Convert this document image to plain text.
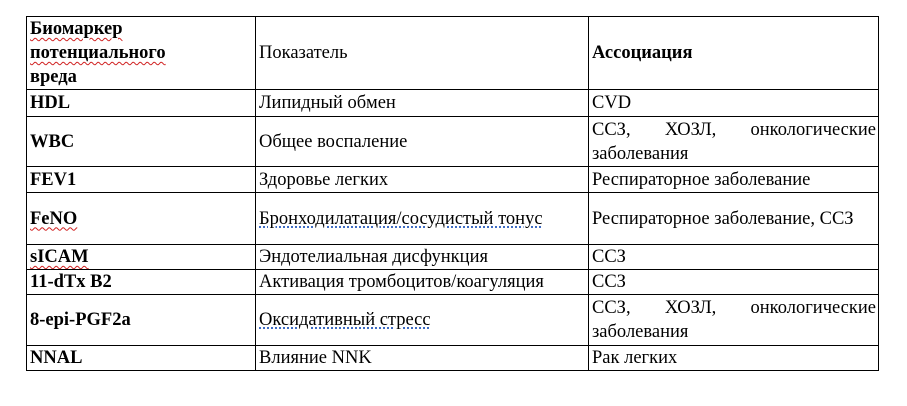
Биомаркер
потенциального
вреда	Показатель	Ассоциация
HDL	Липидный обмен	CVD
WBC	Общее воспаление	ССЗ, ХОЗЛ, онкологические заболевания
FEV1	Здоровье легких	Респираторное заболевание
FeNO	Бронходилатация/сосудистый тонус	Респираторное заболевание, ССЗ
sICAM	Эндотелиальная дисфункция	ССЗ
11-dTx B2	Активация тромбоцитов/коагуляция	ССЗ
8-epi-PGF2a	Оксидативный стресс	ССЗ, ХОЗЛ, онкологические заболевания
NNAL	Влияние NNK	Рак легких
